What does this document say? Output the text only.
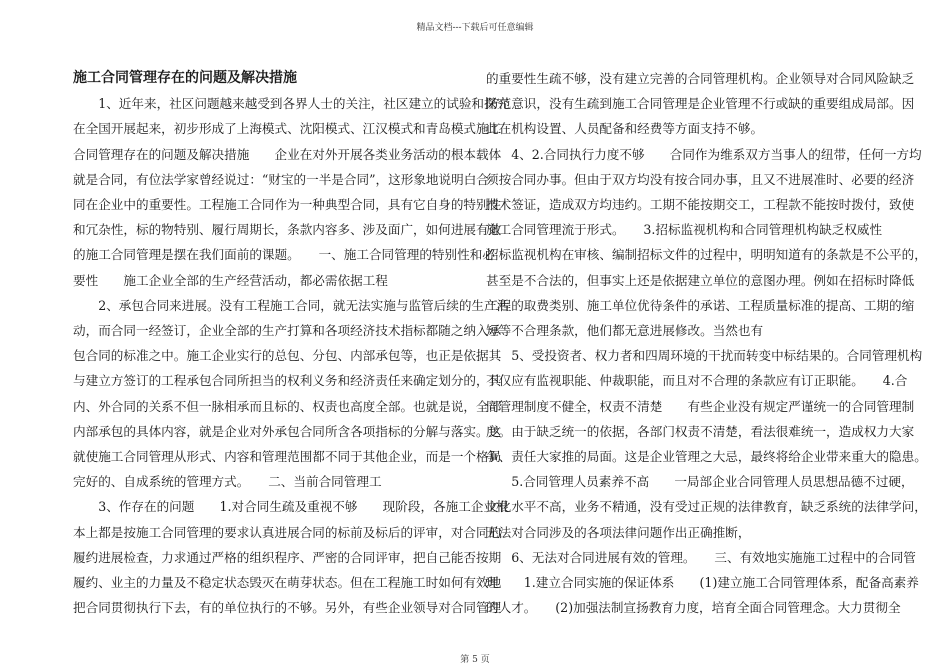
精品文档---下载后可任意编辑
施工合同管理存在的问题及解决措施
　　1、近年来，社区问题越来越受到各界人士的关注，社区建立的试验和探究
在全国开展起来，初步形成了上海模式、沈阳模式、江汉模式和青岛模式施工
合同管理存在的问题及解决措施　　企业在对外开展各类业务活动的根本载体
就是合同，有位法学家曾经说过：“财宝的一半是合同”，这形象地说明白合
同在企业中的重要性。工程施工合同作为一种典型合同，具有它自身的特别性
和冗杂性，标的物特别、履行周期长，条款内容多、涉及面广，如何进展有效
的施工合同管理是摆在我们面前的课题。　　一、施工合同管理的特别性和必
要性　　施工企业全部的生产经营活动，都必需依据工程
　　2、承包合同来进展。没有工程施工合同，就无法实施与监管后续的生产活
动，而合同一经签订，企业全部的生产打算和各项经济技术指标都随之纳入承
包合同的标准之中。施工企业实行的总包、分包、内部承包等，也正是依据其
与建立方签订的工程承包合同所担当的权利义务和经济责任来确定划分的，其
内、外合同的关系不但一脉相承而且标的、权责也高度全部。也就是说，全部
内部承包的具体内容，就是企业对外承包合同所含各项指标的分解与落实。这
就使施工合同管理从形式、内容和管理范围都不同于其他企业，而是一个格局
完好的、自成系统的管理方式。　　二、当前合同管理工
　　3、作存在的问题　　1.对合同生疏及重视不够　　现阶段，各施工企业根
本上都是按施工合同管理的要求认真进展合同的标前及标后的评审，对合同的
履约进展检查，力求通过严格的组织程序、严密的合同评审，把自己能否按期
履约、业主的力量及不稳定状态毁灭在萌芽状态。但在工程施工时如何有效地
把合同贯彻执行下去，有的单位执行的不够。另外，有些企业领导对合同管理
的重要性生疏不够，没有建立完善的合同管理机构。企业领导对合同风险缺乏
防范意识，没有生疏到施工合同管理是企业管理不行或缺的重要组成局部。因
此在机构设置、人员配备和经费等方面支持不够。
　　4、2.合同执行力度不够　　合同作为维系双方当事人的纽带，任何一方均
须按合同办事。但由于双方均没有按合同办事，且又不进展准时、必要的经济
技术签证，造成双方均违约。工期不能按期交工，工程款不能按时拨付，致使
施工合同管理流于形式。　　3.招标监视机构和合同管理机构缺乏权威性
招标监视机构在审核、编制招标文件的过程中，明明知道有的条款是不公平的，
甚至是不合法的，但事实上还是依据建立单位的意图办理。例如在招标时降低
工程的取费类别、施工单位优待条件的承诺、工程质量标准的提高、工期的缩
短等不合理条款，他们都无意进展修改。当然也有
　　5、受投资者、权力者和四周环境的干扰而转变中标结果的。合同管理机构
不仅应有监视职能、仲裁职能，而且对不合理的条款应有订正职能。　　4.合
同管理制度不健全，权责不清楚　　有些企业没有规定严谨统一的合同管理制
度。由于缺乏统一的依据，各部门权责不清楚，看法很难统一，造成权力大家
争、责任大家推的局面。这是企业管理之大忌，最终将给企业带来重大的隐患。
　　5.合同管理人员素养不高　　一局部企业合同管理人员思想品德不过硬，
文化水平不高，业务不精通，没有受过正规的法律教育，缺乏系统的法律学问，
无法对合同涉及的各项法律问题作出正确推断，
　　6、无法对合同进展有效的管理。　　三、有效地实施施工过程中的合同管
理　　1.建立合同实施的保证体系　　(1)建立施工合同管理体系，配备高素养
的人才。　　(2)加强法制宣扬教育力度，培育全面合同管理念。大力贯彻全
第 5 页
